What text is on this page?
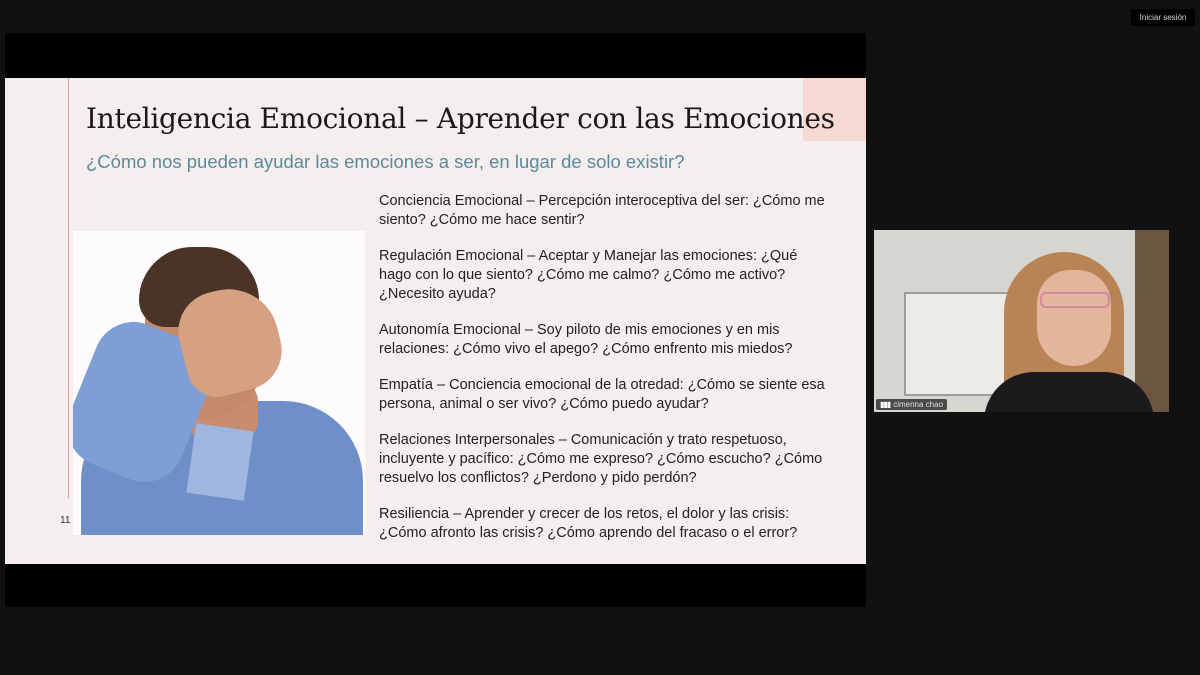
Iniciar sesión
Inteligencia Emocional – Aprender con las Emociones
¿Cómo nos pueden ayudar las emociones a ser, en lugar de solo existir?
11

Conciencia Emocional – Percepción interoceptiva del ser: ¿Cómo me siento? ¿Cómo me hace sentir?

Regulación Emocional – Aceptar y Manejar las emociones: ¿Qué hago con lo que siento? ¿Cómo me calmo? ¿Cómo me activo? ¿Necesito ayuda?

Autonomía Emocional – Soy piloto de mis emociones y en mis relaciones: ¿Cómo vivo el apego? ¿Cómo enfrento mis miedos?

Empatía – Conciencia emocional de la otredad: ¿Cómo se siente esa persona, animal o ser vivo? ¿Cómo puedo ayudar?

Relaciones Interpersonales – Comunicación y trato respetuoso, incluyente y pacífico: ¿Cómo me expreso? ¿Cómo escucho? ¿Cómo resuelvo los conflictos? ¿Perdono y pido perdón?

Resiliencia – Aprender y crecer de los retos, el dolor y las crisis: ¿Cómo afronto las crisis? ¿Cómo aprendo del fracaso o el error?

▮▮▮ cimenna chao
